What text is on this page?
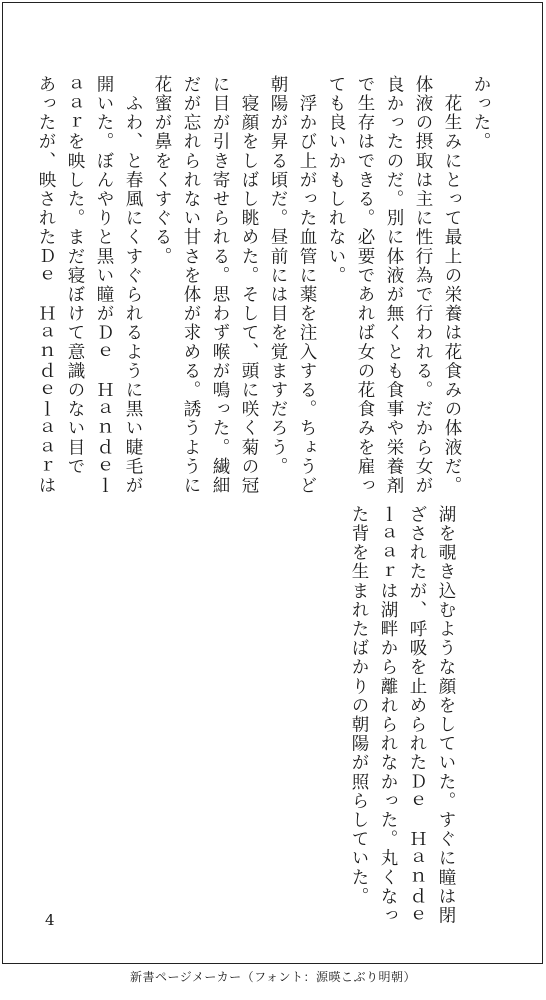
かった。
　花生みにとって最上の栄養は花食みの体液だ。
体液の摂取は主に性行為で行われる。だから女が
良かったのだ。別に体液が無くとも食事や栄養剤
で生存はできる。必要であれば女の花食みを雇っ
ても良いかもしれない。
　浮かび上がった血管に薬を注入する。ちょうど
朝陽が昇る頃だ。昼前には目を覚ますだろう。
　寝顔をしばし眺めた。そして、頭に咲く菊の冠
に目が引き寄せられる。思わず喉が鳴った。繊細
だが忘れられない甘さを体が求める。誘うように
花蜜が鼻をくすぐる。
　ふわ、と春風にくすぐられるように黒い睫毛が
開いた。ぼんやりと黒い瞳がＤｅ　Ｈａｎｄｅｌ
ａａｒを映した。まだ寝ぼけて意識のない目で
あったが、映されたＤｅ　Ｈａｎｄｅｌａａｒは
湖を覗き込むような顔をしていた。すぐに瞳は閉
ざされたが、呼吸を止められたＤｅ　Ｈａｎｄｅ
ｌａａｒは湖畔から離れられなかった。丸くなっ
た背を生まれたばかりの朝陽が照らしていた。
4
新書ページメーカー（フォント：源暎こぶり明朝）
